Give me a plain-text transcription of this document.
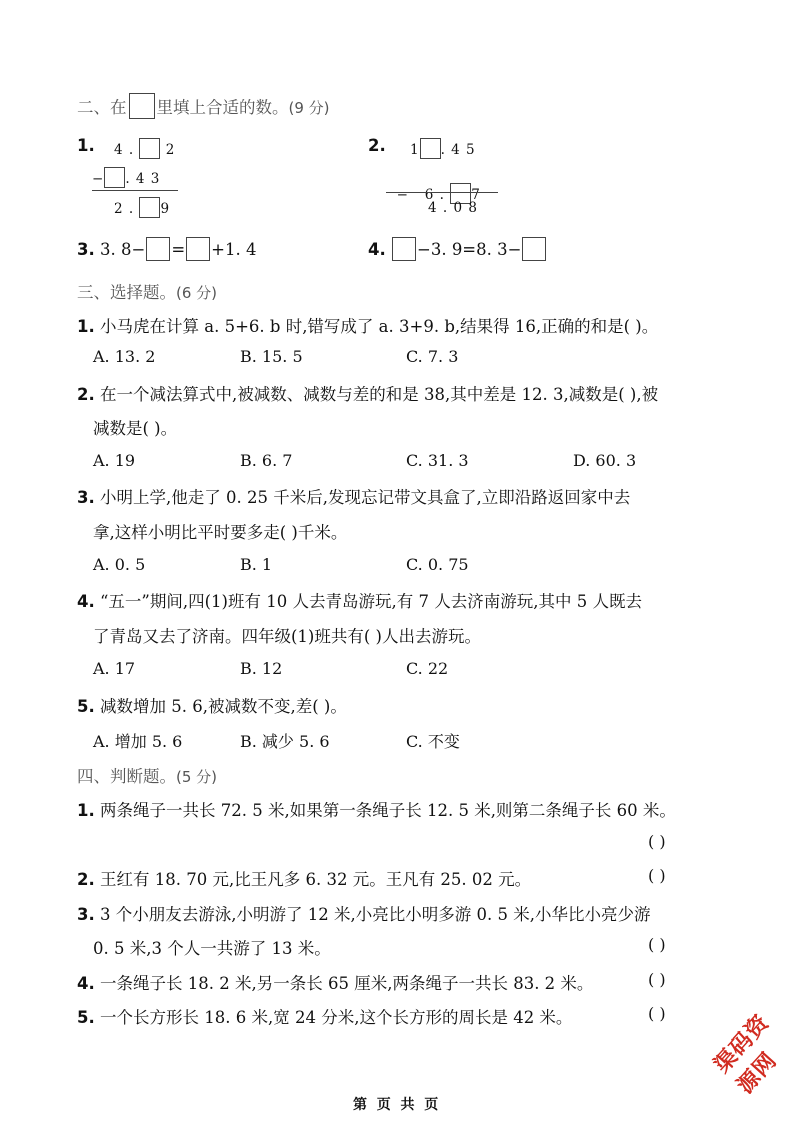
二、在 里填上合适的数。(9 分)
1. 4 . 2
− . 4 3
2 . 9
2. 1 . 4 5

−   6 . 7

4 . 0 8
3. 3. 8− = +1. 4	4. −3. 9=8. 3−
三、选择题。(6 分)
1. 小马虎在计算 a. 5+6. b 时,错写成了 a. 3+9. b,结果得 16,正确的和是( )。
A. 13. 2	B. 15. 5	C. 7. 3
2. 在一个减法算式中,被减数、减数与差的和是 38,其中差是 12. 3,减数是( ),被
减数是( )。
A. 19	B. 6. 7	C. 31. 3	D. 60. 3
3. 小明上学,他走了 0. 25 千米后,发现忘记带文具盒了,立即沿路返回家中去
拿,这样小明比平时要多走( )千米。
A. 0. 5	B. 1	C. 0. 75
4. “五一”期间,四(1)班有 10 人去青岛游玩,有 7 人去济南游玩,其中 5 人既去
了青岛又去了济南。四年级(1)班共有( )人出去游玩。
A. 17	B. 12	C. 22
5. 减数增加 5. 6,被减数不变,差( )。
A. 增加 5. 6	B. 减少 5. 6	C. 不变
四、判断题。(5 分)
1. 两条绳子一共长 72. 5 米,如果第一条绳子长 12. 5 米,则第二条绳子长 60 米。
( )
2. 王红有 18. 70 元,比王凡多 6. 32 元。王凡有 25. 02 元。	( )
3. 3 个小朋友去游泳,小明游了 12 米,小亮比小明多游 0. 5 米,小华比小亮少游
0. 5 米,3 个人一共游了 13 米。	( )
4. 一条绳子长 18. 2 米,另一条长 65 厘米,两条绳子一共长 83. 2 米。	( )
5. 一个长方形长 18. 6 米,宽 24 分米,这个长方形的周长是 42 米。	( ) 渠码资源网
第  页  共  页
